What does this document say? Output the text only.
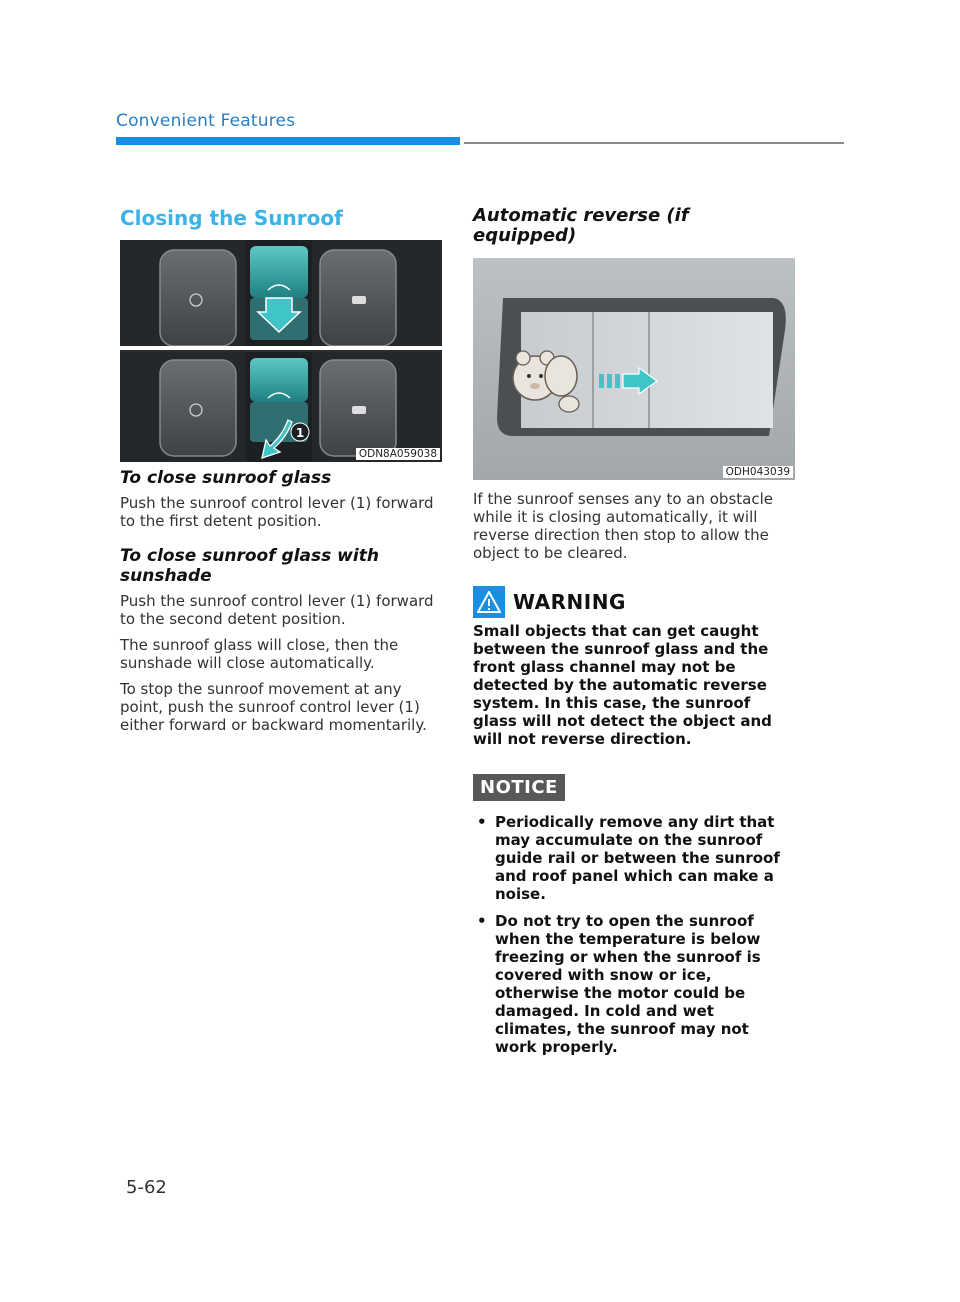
Convenient Features
Closing the Sunroof
1
ODN8A059038
To close sunroof glass

Push the sunroof control lever (1) forward to the first detent position.

To close sunroof glass with sunshade

Push the sunroof control lever (1) forward to the second detent position.

The sunroof glass will close, then the sunshade will close automatically.

To stop the sunroof movement at any point, push the sunroof control lever (1) either forward or backward momentarily.

Automatic reverse (if equipped)
ODH043039

If the sunroof senses any to an obstacle while it is closing automatically, it will reverse direction then stop to allow the object to be cleared.

WARNING

Small objects that can get caught between the sunroof glass and the front glass channel may not be detected by the automatic reverse system. In this case, the sunroof glass will not detect the object and will not reverse direction.

NOTICE
• Periodically remove any dirt that may accumulate on the sunroof guide rail or between the sunroof and roof panel which can make a noise.
• Do not try to open the sunroof when the temperature is below freezing or when the sunroof is covered with snow or ice, otherwise the motor could be damaged. In cold and wet climates, the sunroof may not work properly.
5-62
